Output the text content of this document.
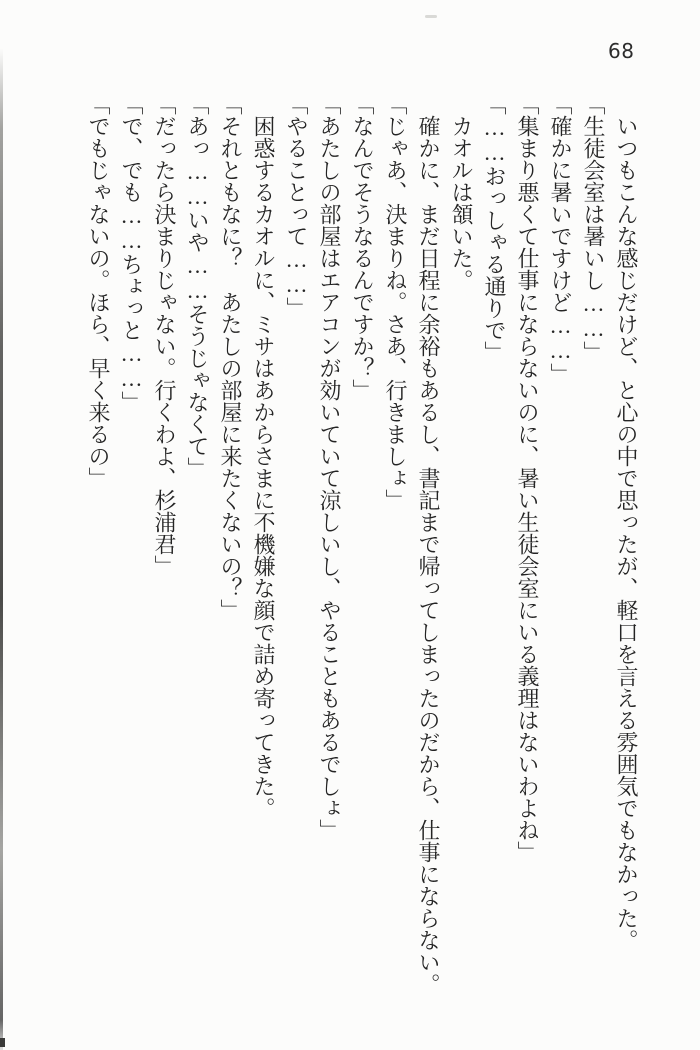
68

いつもこんな感じだけど、と心の中で思ったが、軽口を言える雰囲気でもなかった。

「生徒会室は暑いし……」

「確かに暑いですけど……」

「集まり悪くて仕事にならないのに、暑い生徒会室にいる義理はないわよね」

「……おっしゃる通りで」

カオルは頷いた。

確かに、まだ日程に余裕もあるし、書記まで帰ってしまったのだから、仕事にならない。

「じゃあ、決まりね。さあ、行きましょ」

「なんでそうなるんですか？」

「あたしの部屋はエアコンが効いていて涼しいし、やることもあるでしょ」

「やることって……」

困惑するカオルに、ミサはあからさまに不機嫌な顔で詰め寄ってきた。

「それともなに？　あたしの部屋に来たくないの？」

「あっ……いや……そうじゃなくて」

「だったら決まりじゃない。行くわよ、杉浦君」

「で、でも……ちょっと……」

「でもじゃないの。ほら、早く来るの」
